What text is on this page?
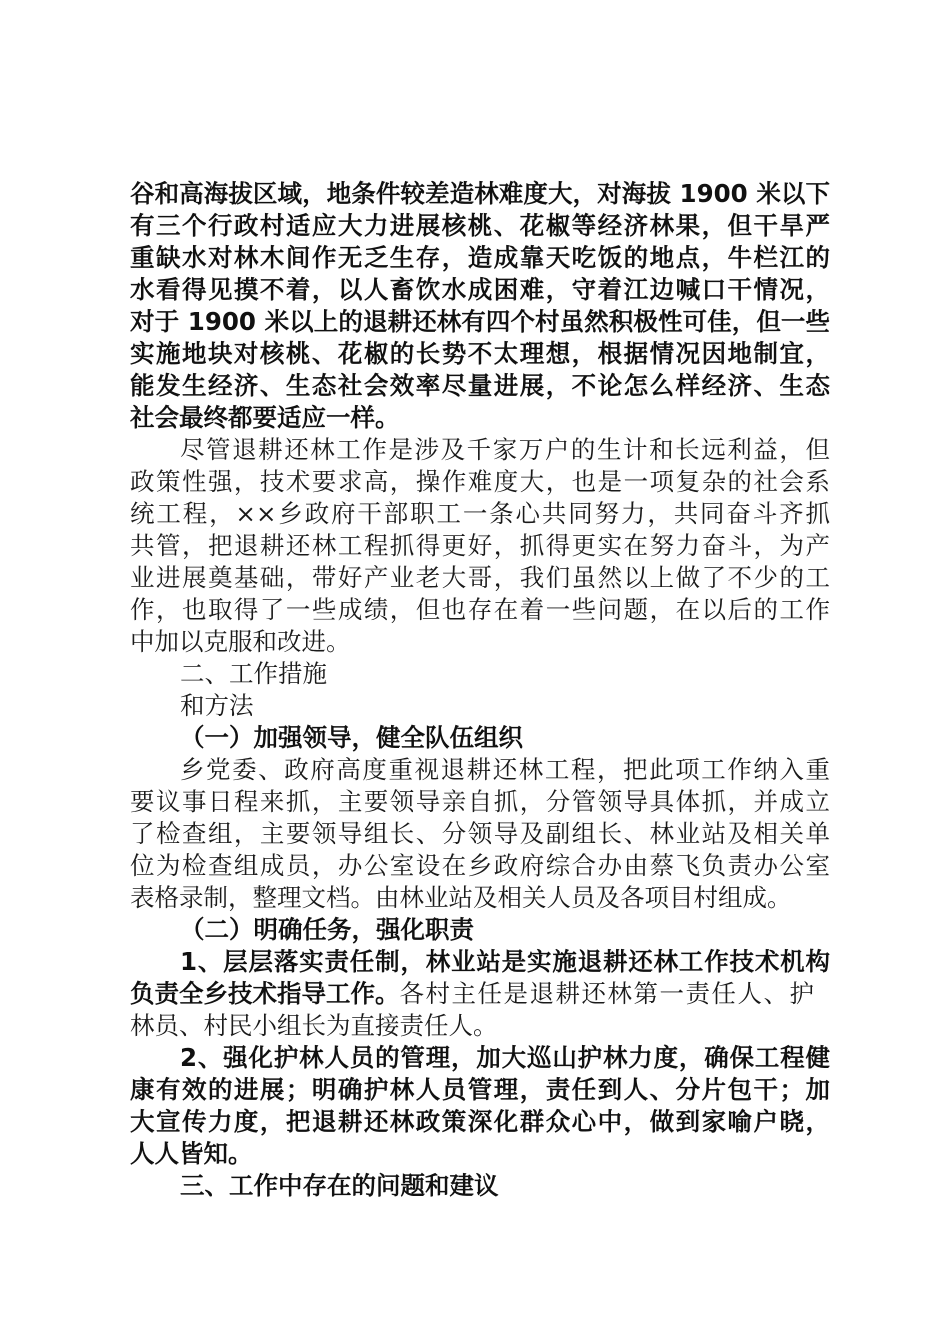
谷和高海拔区域，地条件较差造林难度大，对海拔 1900 米以下
有三个行政村适应大力进展核桃、花椒等经济林果，但干旱严
重缺水对林木间作无乏生存，造成靠天吃饭的地点，牛栏江的
水看得见摸不着，以人畜饮水成困难，守着江边喊口干情况，
对于 1900 米以上的退耕还林有四个村虽然积极性可佳，但一些
实施地块对核桃、花椒的长势不太理想，根据情况因地制宜，
能发生经济、生态社会效率尽量进展，不论怎么样经济、生态
社会最终都要适应一样。
尽管退耕还林工作是涉及千家万户的生计和长远利益，但
政策性强，技术要求高，操作难度大，也是一项复杂的社会系
统工程，××乡政府干部职工一条心共同努力，共同奋斗齐抓
共管，把退耕还林工程抓得更好，抓得更实在努力奋斗，为产
业进展奠基础，带好产业老大哥，我们虽然以上做了不少的工
作，也取得了一些成绩，但也存在着一些问题，在以后的工作
中加以克服和改进。
二、工作措施
和方法
（一）加强领导，健全队伍组织
乡党委、政府高度重视退耕还林工程，把此项工作纳入重
要议事日程来抓，主要领导亲自抓，分管领导具体抓，并成立
了检查组，主要领导组长、分领导及副组长、林业站及相关单
位为检查组成员，办公室设在乡政府综合办由蔡飞负责办公室
表格录制，整理文档。由林业站及相关人员及各项目村组成。
（二）明确任务，强化职责
1、层层落实责任制，林业站是实施退耕还林工作技术机构
负责全乡技术指导工作。各村主任是退耕还林第一责任人、护
林员、村民小组长为直接责任人。
2、强化护林人员的管理，加大巡山护林力度，确保工程健
康有效的进展；明确护林人员管理，责任到人、分片包干；加
大宣传力度，把退耕还林政策深化群众心中，做到家喻户晓，
人人皆知。
三、工作中存在的问题和建议
